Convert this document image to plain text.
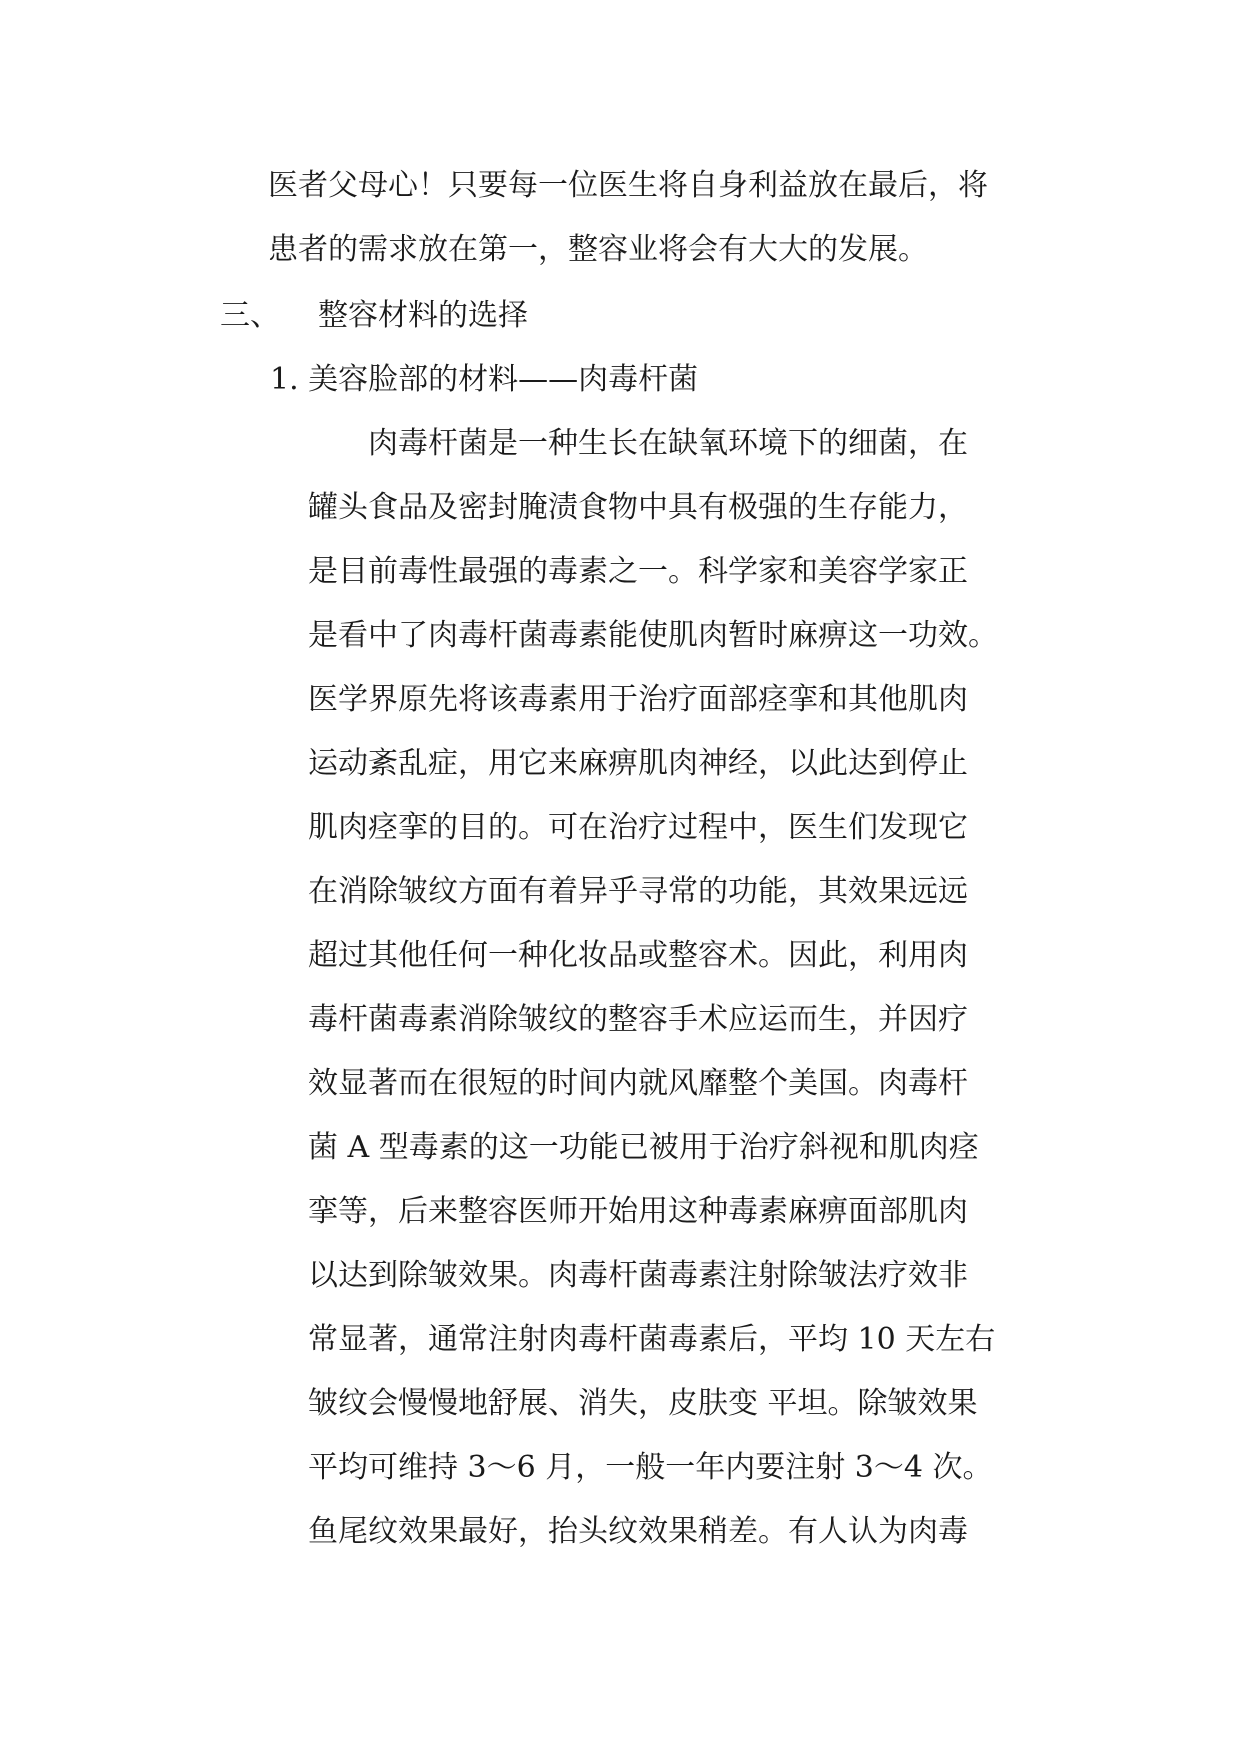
医者父母心！只要每一位医生将自身利益放在最后，将
患者的需求放在第一，整容业将会有大大的发展。
三、 整容材料的选择
1. 美容脸部的材料——肉毒杆菌
　　肉毒杆菌是一种生长在缺氧环境下的细菌，在
罐头食品及密封腌渍食物中具有极强的生存能力，
是目前毒性最强的毒素之一。科学家和美容学家正
是看中了肉毒杆菌毒素能使肌肉暂时麻痹这一功效。
医学界原先将该毒素用于治疗面部痉挛和其他肌肉
运动紊乱症，用它来麻痹肌肉神经，以此达到停止
肌肉痉挛的目的。可在治疗过程中，医生们发现它
在消除皱纹方面有着异乎寻常的功能，其效果远远
超过其他任何一种化妆品或整容术。因此，利用肉
毒杆菌毒素消除皱纹的整容手术应运而生，并因疗
效显著而在很短的时间内就风靡整个美国。肉毒杆
菌 A 型毒素的这一功能已被用于治疗斜视和肌肉痉
挛等，后来整容医师开始用这种毒素麻痹面部肌肉
以达到除皱效果。肉毒杆菌毒素注射除皱法疗效非
常显著，通常注射肉毒杆菌毒素后，平均 10 天左右
皱纹会慢慢地舒展、消失，皮肤变 平坦。除皱效果
平均可维持 3～6 月，一般一年内要注射 3～4 次。
鱼尾纹效果最好，抬头纹效果稍差。有人认为肉毒
